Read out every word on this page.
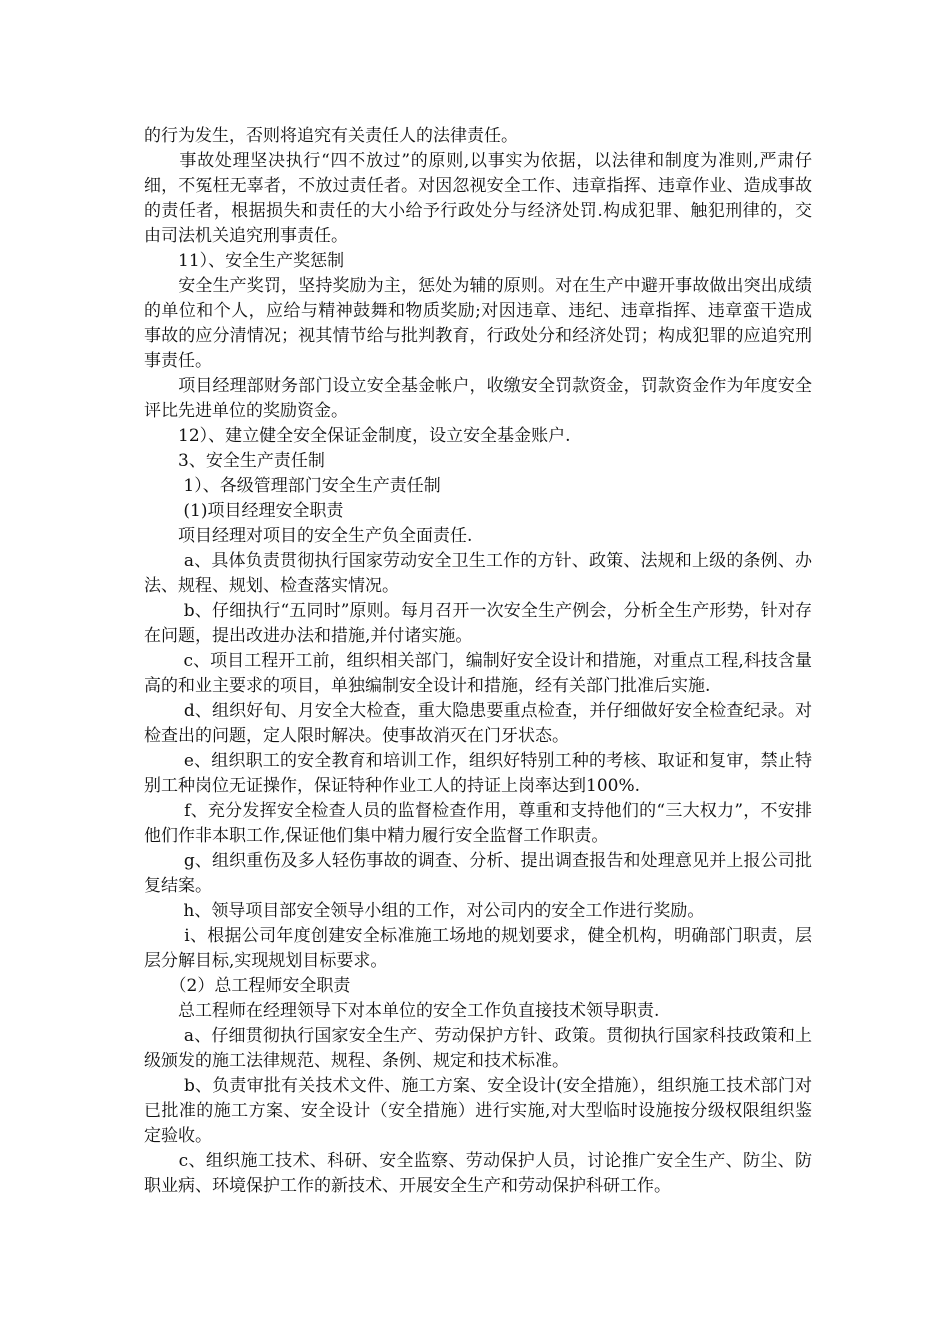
的行为发生，否则将追究有关责任人的法律责任。

　　事故处理坚决执行“四不放过”的原则,以事实为依据，以法律和制度为准则,严肃仔细，不冤枉无辜者，不放过责任者。对因忽视安全工作、违章指挥、违章作业、造成事故的责任者，根据损失和责任的大小给予行政处分与经济处罚.构成犯罪、触犯刑律的，交由司法机关追究刑事责任。

　　11）、安全生产奖惩制

　　安全生产奖罚，坚持奖励为主，惩处为辅的原则。对在生产中避开事故做出突出成绩的单位和个人，应给与精神鼓舞和物质奖励;对因违章、违纪、违章指挥、违章蛮干造成事故的应分清情况；视其情节给与批判教育，行政处分和经济处罚；构成犯罪的应追究刑事责任。

　　项目经理部财务部门设立安全基金帐户，收缴安全罚款资金，罚款资金作为年度安全评比先进单位的奖励资金。

　　12）、建立健全安全保证金制度，设立安全基金账户.

　　3、安全生产责任制

　　 1）、各级管理部门安全生产责任制

　　 (1)项目经理安全职责

　　项目经理对项目的安全生产负全面责任.

　　 a、具体负责贯彻执行国家劳动安全卫生工作的方针、政策、法规和上级的条例、办法、规程、规划、检查落实情况。

　　 b、仔细执行“五同时”原则。每月召开一次安全生产例会，分析全生产形势，针对存在问题，提出改进办法和措施,并付诸实施。

　　 c、项目工程开工前，组织相关部门，编制好安全设计和措施，对重点工程,科技含量高的和业主要求的项目，单独编制安全设计和措施，经有关部门批准后实施.

　　 d、组织好旬、月安全大检查，重大隐患要重点检查，并仔细做好安全检查纪录。对检查出的问题，定人限时解决。使事故消灭在门牙状态。

　　 e、组织职工的安全教育和培训工作，组织好特别工种的考核、取证和复审，禁止特别工种岗位无证操作，保证特种作业工人的持证上岗率达到100%.

　　 f、充分发挥安全检查人员的监督检查作用，尊重和支持他们的“三大权力”，不安排他们作非本职工作,保证他们集中精力履行安全监督工作职责。

　　 g、组织重伤及多人轻伤事故的调查、分析、提出调查报告和处理意见并上报公司批复结案。

　　 h、领导项目部安全领导小组的工作，对公司内的安全工作进行奖励。

　　 i、根据公司年度创建安全标准施工场地的规划要求，健全机构，明确部门职责，层层分解目标,实现规划目标要求。

　　（2）总工程师安全职责

　　总工程师在经理领导下对本单位的安全工作负直接技术领导职责.

　　 a、仔细贯彻执行国家安全生产、劳动保护方针、政策。贯彻执行国家科技政策和上级颁发的施工法律规范、规程、条例、规定和技术标准。

　　 b、负责审批有关技术文件、施工方案、安全设计(安全措施），组织施工技术部门对已批准的施工方案、安全设计（安全措施）进行实施,对大型临时设施按分级权限组织鉴定验收。

　　c、组织施工技术、科研、安全监察、劳动保护人员，讨论推广安全生产、防尘、防职业病、环境保护工作的新技术、开展安全生产和劳动保护科研工作。
